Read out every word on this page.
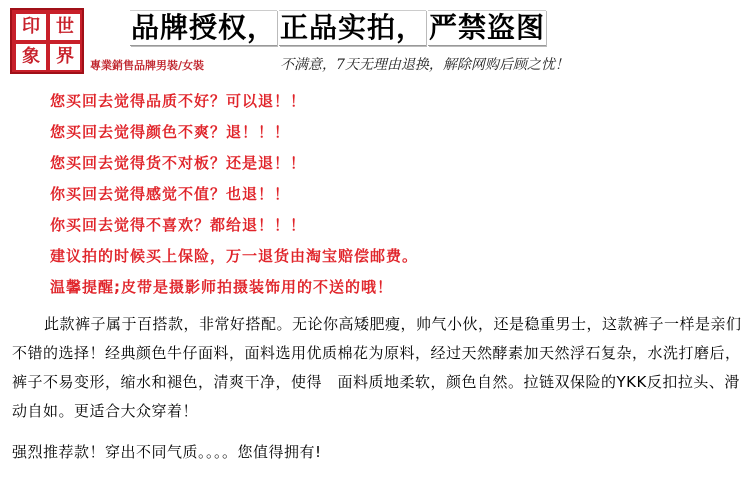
印 世
象 界
品牌授权， 正品实拍， 严禁盗图
專業銷售品牌男裝/女裝	不满意，7天无理由退换，解除网购后顾之忧！
您买回去觉得品质不好？可以退！！
您买回去觉得颜色不爽？退！！！
您买回去觉得货不对板？还是退！！
你买回去觉得感觉不值？也退！！
你买回去觉得不喜欢？都给退！！！
建议拍的时候买上保险，万一退货由淘宝赔偿邮费。
温馨提醒;皮带是摄影师拍摄装饰用的不送的哦！

此款裤子属于百搭款，非常好搭配。无论你高矮肥瘦，帅气小伙，还是稳重男士，这款裤子一样是亲们不错的选择！经典颜色牛仔面料，面料选用优质棉花为原料，经过天然酵素加天然浮石复杂，水洗打磨后，裤子不易变形，缩水和褪色，清爽干净，使得　面料质地柔软，颜色自然。拉链双保险的YKK反扣拉头、滑动自如。更适合大众穿着！

强烈推荐款！穿出不同气质。。。。您值得拥有!
